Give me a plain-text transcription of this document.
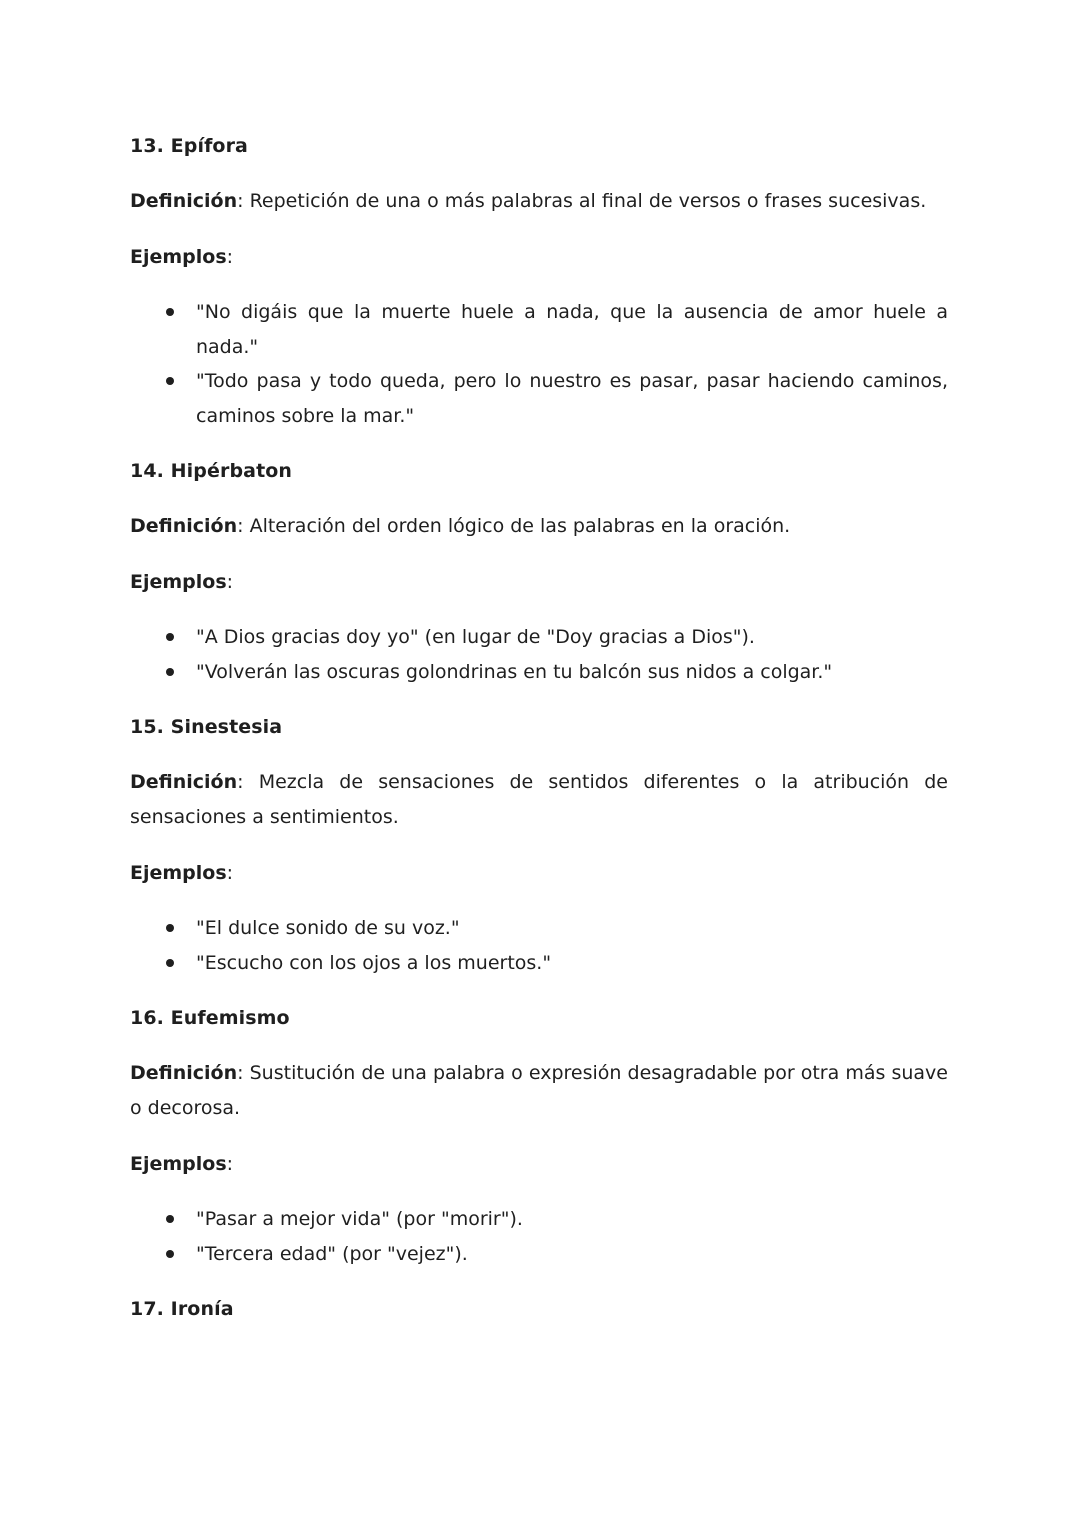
13. Epífora

Definición: Repetición de una o más palabras al final de versos o frases sucesivas.

Ejemplos:

"No digáis que la muerte huele a nada, que la ausencia de amor huele a nada."
"Todo pasa y todo queda, pero lo nuestro es pasar, pasar haciendo caminos, caminos sobre la mar."
14. Hipérbaton

Definición: Alteración del orden lógico de las palabras en la oración.

Ejemplos:

"A Dios gracias doy yo" (en lugar de "Doy gracias a Dios").
"Volverán las oscuras golondrinas en tu balcón sus nidos a colgar."
15. Sinestesia

Definición: Mezcla de sensaciones de sentidos diferentes o la atribución de sensaciones a sentimientos.

Ejemplos:

"El dulce sonido de su voz."
"Escucho con los ojos a los muertos."
16. Eufemismo

Definición: Sustitución de una palabra o expresión desagradable por otra más suave o decorosa.

Ejemplos:

"Pasar a mejor vida" (por "morir").
"Tercera edad" (por "vejez").
17. Ironía
